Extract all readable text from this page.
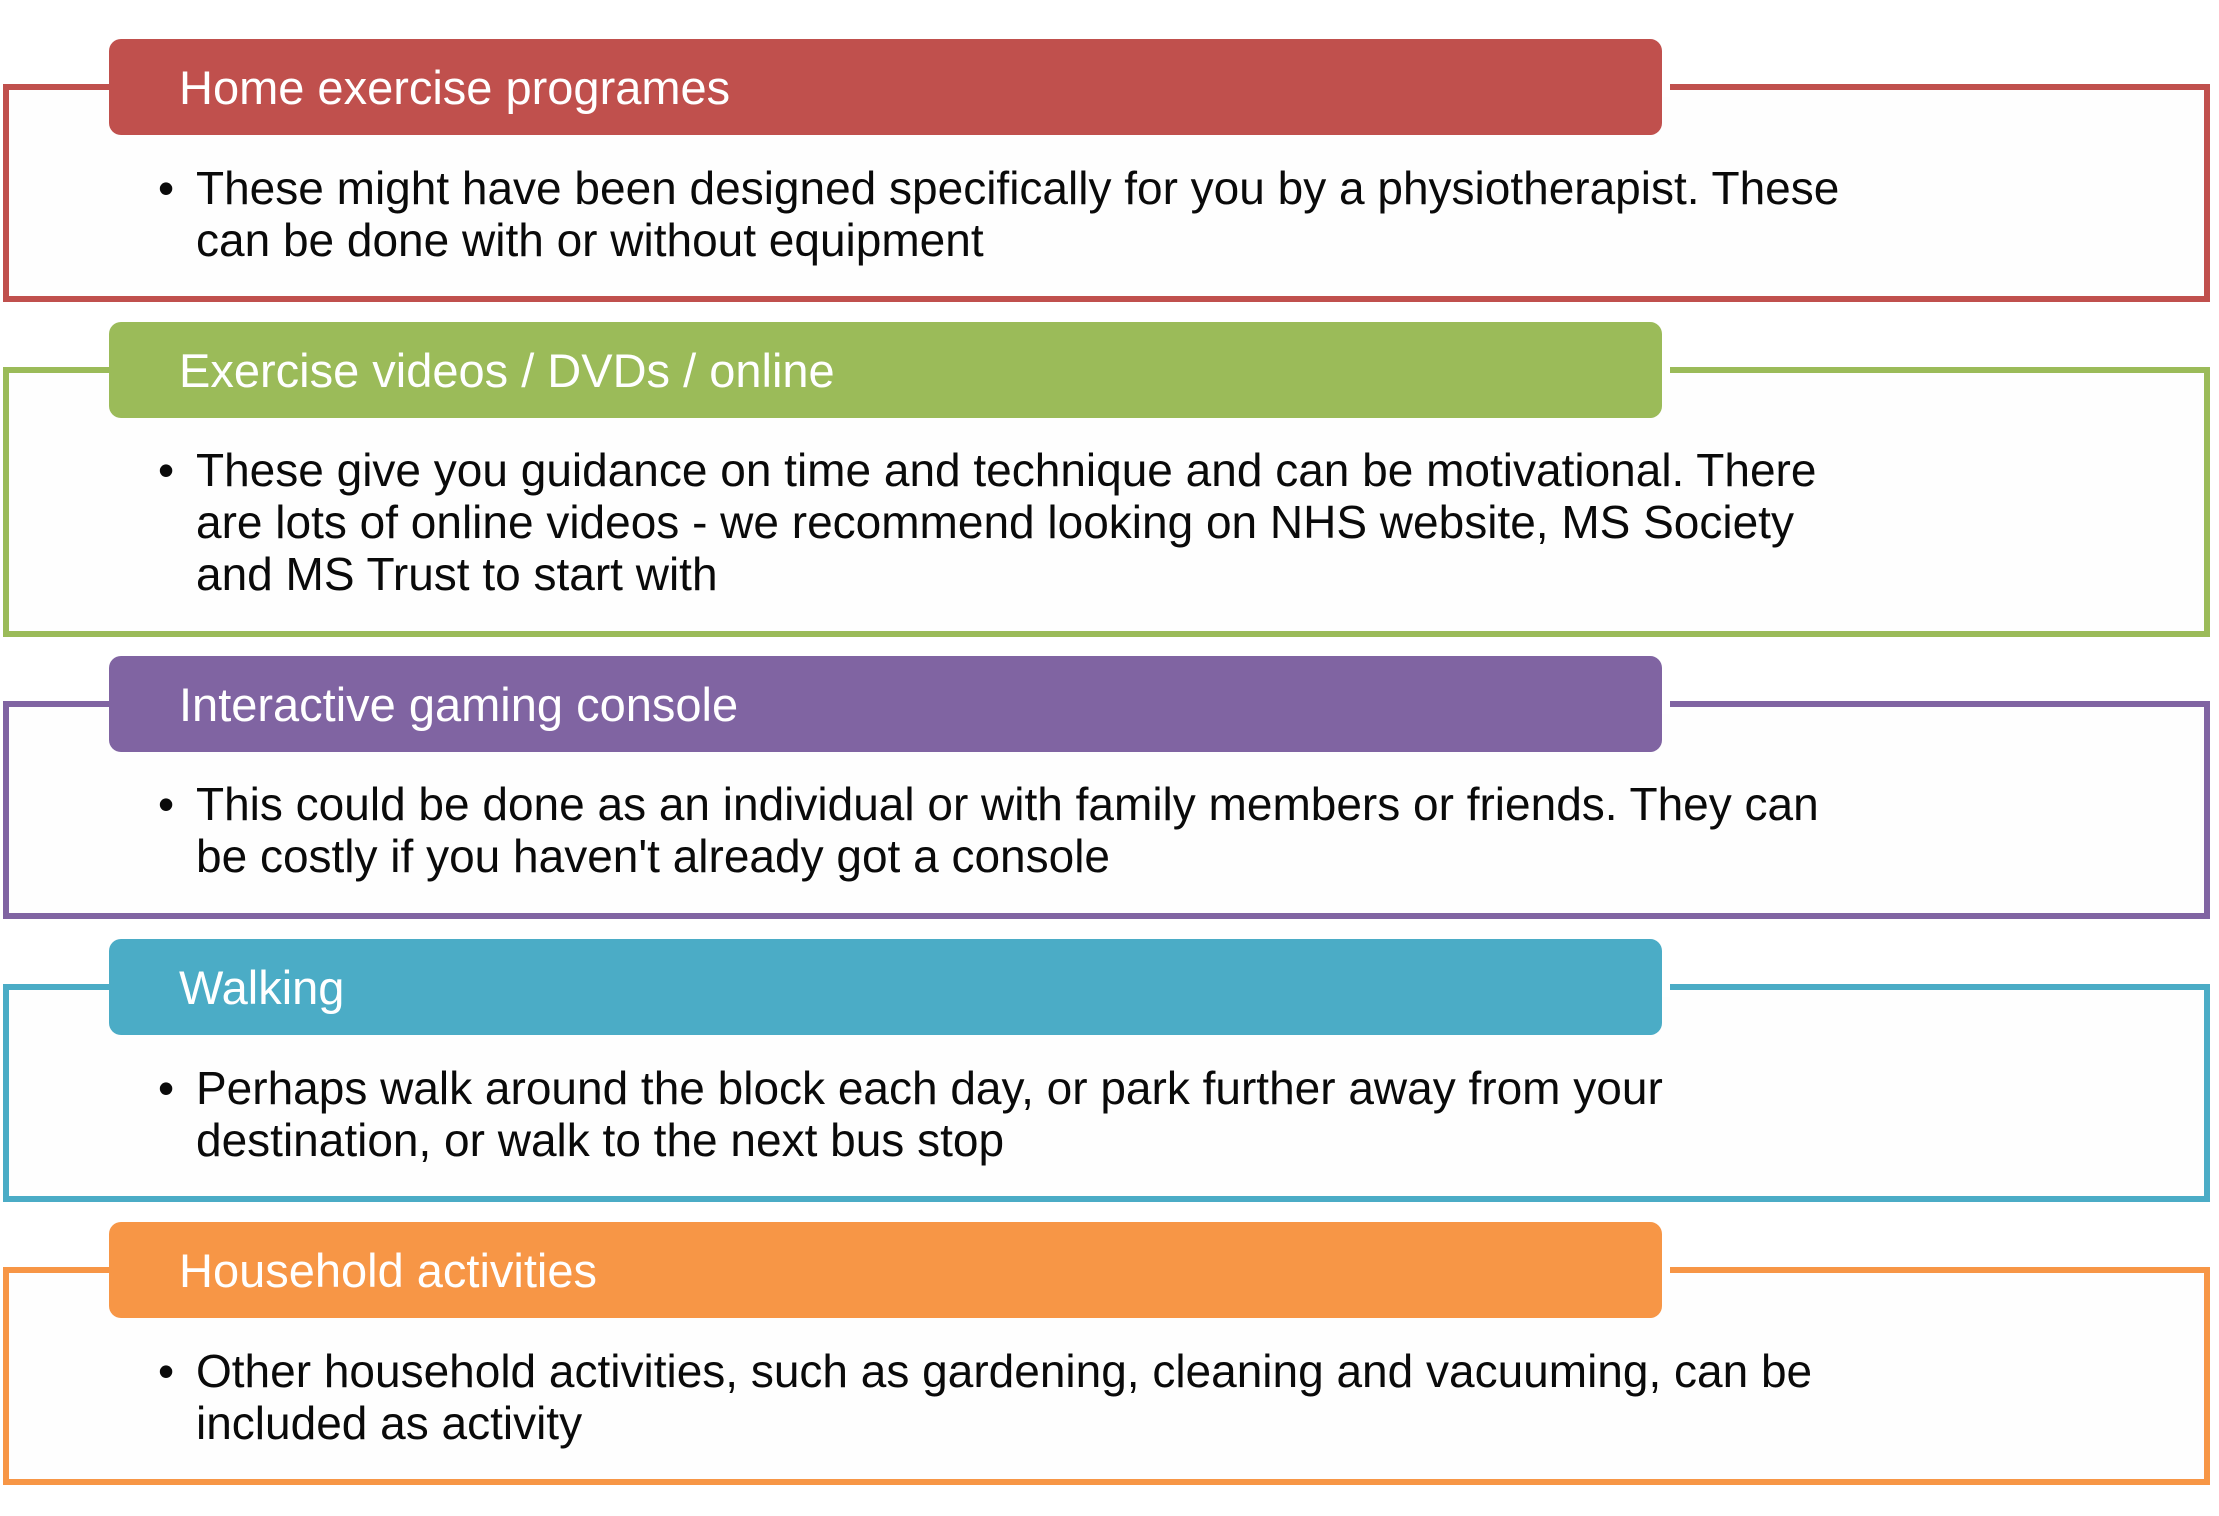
Home exercise programes
• These might have been designed specifically for you by a physiotherapist. These
can be done with or without equipment
Exercise videos / DVDs / online
• These give you guidance on time and technique and can be motivational. There
are lots of online videos - we recommend looking on NHS website, MS Society
and MS Trust to start with
Interactive gaming console
• This could be done as an individual or with family members or friends. They can
be costly if you haven't already got a console
Walking
• Perhaps walk around the block each day, or park further away from your
destination, or walk to the next bus stop
Household activities
• Other household activities, such as gardening, cleaning and vacuuming, can be
included as activity
